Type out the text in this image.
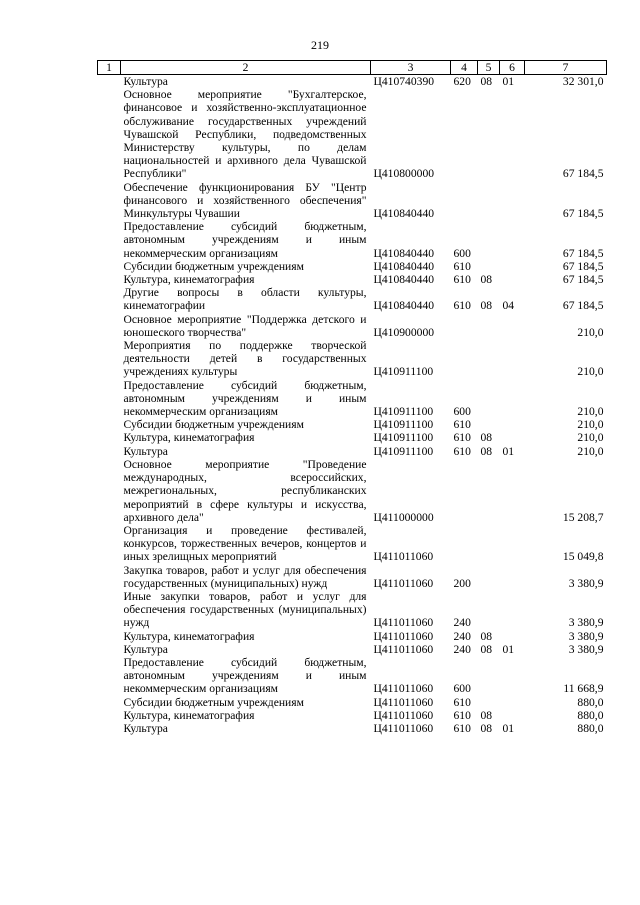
219
1	2	3	4	5	6	7
	Культура	Ц410740390	620	08	01	32 301,0
	Основное мероприятие "Бухгалтерское, финансовое и хозяйственно-эксплуатационное обслуживание государственных учреждений Чувашской Республики, подведомственных Министерству культуры, по делам национальностей и архивного дела Чувашской Республики"	Ц410800000				67 184,5
	Обеспечение функционирования БУ "Центр финансового и хозяйственного обеспечения" Минкультуры Чувашии	Ц410840440				67 184,5
	Предоставление субсидий бюджетным, автономным учреждениям и иным некоммерческим организациям	Ц410840440	600			67 184,5
	Субсидии бюджетным учреждениям	Ц410840440	610			67 184,5
	Культура, кинематография	Ц410840440	610	08		67 184,5
	Другие вопросы в области культуры, кинематографии	Ц410840440	610	08	04	67 184,5
	Основное мероприятие "Поддержка детского и юношеского творчества"	Ц410900000				210,0
	Мероприятия по поддержке творческой деятельности детей в государственных учреждениях культуры	Ц410911100				210,0
	Предоставление субсидий бюджетным, автономным учреждениям и иным некоммерческим организациям	Ц410911100	600			210,0
	Субсидии бюджетным учреждениям	Ц410911100	610			210,0
	Культура, кинематография	Ц410911100	610	08		210,0
	Культура	Ц410911100	610	08	01	210,0
	Основное мероприятие "Проведение международных, всероссийских, межрегиональных, республиканских мероприятий в сфере культуры и искусства, архивного дела"	Ц411000000				15 208,7
	Организация и проведение фестивалей, конкурсов, торжественных вечеров, концертов и иных зрелищных мероприятий	Ц411011060				15 049,8
	Закупка товаров, работ и услуг для обеспечения государственных (муниципальных) нужд	Ц411011060	200			3 380,9
	Иные закупки товаров, работ и услуг для обеспечения государственных (муниципальных) нужд	Ц411011060	240			3 380,9
	Культура, кинематография	Ц411011060	240	08		3 380,9
	Культура	Ц411011060	240	08	01	3 380,9
	Предоставление субсидий бюджетным, автономным учреждениям и иным некоммерческим организациям	Ц411011060	600			11 668,9
	Субсидии бюджетным учреждениям	Ц411011060	610			880,0
	Культура, кинематография	Ц411011060	610	08		880,0
	Культура	Ц411011060	610	08	01	880,0
